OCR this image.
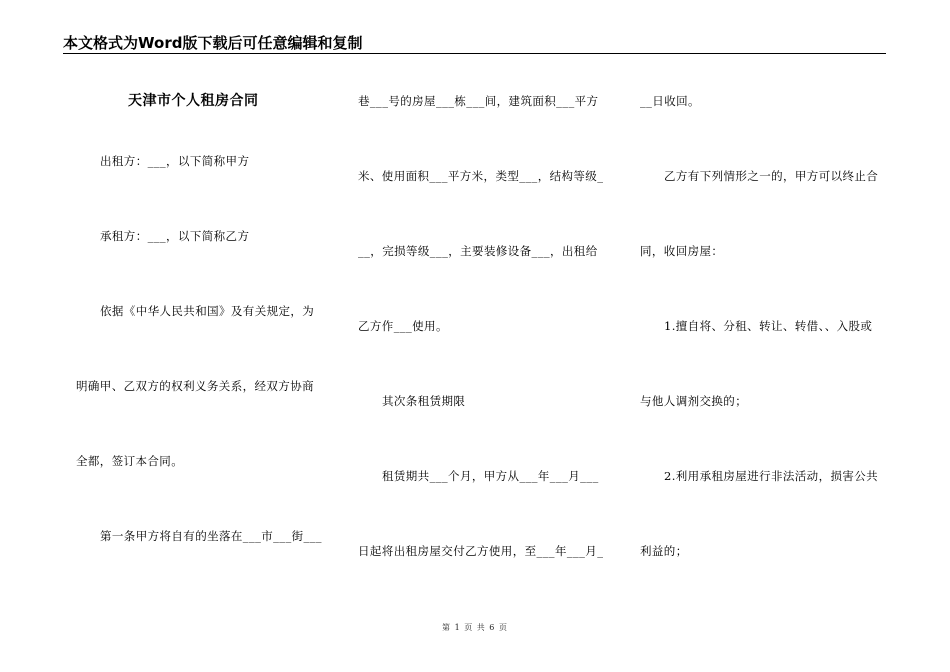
本文格式为Word版下载后可任意编辑和复制
天津市个人租房合同
出租方：___，以下简称甲方
承租方：___，以下简称乙方
依据《中华人民共和国》及有关规定，为
明确甲、乙双方的权利义务关系，经双方协商
全都，签订本合同。
第一条甲方将自有的坐落在___市___街___
巷___号的房屋___栋___间，建筑面积___平方
米、使用面积___平方米，类型___，结构等级_
__，完损等级___，主要装修设备___，出租给
乙方作___使用。
其次条租赁期限
租赁期共___个月，甲方从___年___月___
日起将出租房屋交付乙方使用，至___年___月_
__日收回。
乙方有下列情形之一的，甲方可以终止合
同，收回房屋：
1.擅自将、分租、转让、转借、、入股或
与他人调剂交换的；
2.利用承租房屋进行非法活动，损害公共
利益的；
第 1 页 共 6 页
